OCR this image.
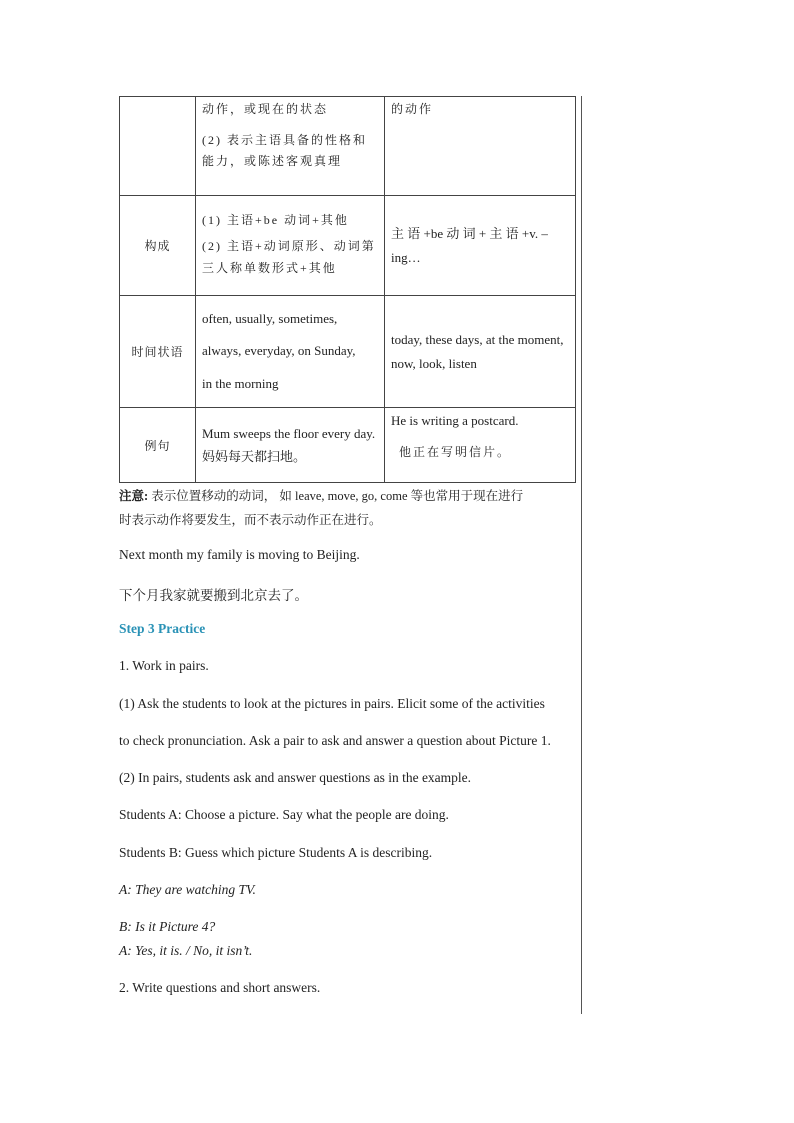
	动作，或现在的状态
(2) 表示主语具备的性格和能力，或陈述客观真理	的动作

构成	(1) 主语+be 动词+其他
(2) 主语+动词原形、动词第三人称单数形式+其他	主 语 +be 动 词 + 主 语 +v. –ing…

时间状语	often, usually, sometimes,
always, everyday, on Sunday,
in the morning	today, these days, at the moment, now, look, listen

例句	Mum sweeps the floor every day. 妈妈每天都扫地。	He is writing a postcard.
他正在写明信片。
注意: 表示位置移动的动词， 如 leave, move, go, come 等也常用于现在进行
时表示动作将要发生，而不表示动作正在进行。
Next month my family is moving to Beijing.
下个月我家就要搬到北京去了。
Step 3 Practice
1. Work in pairs.
(1) Ask the students to look at the pictures in pairs. Elicit some of the activities
to check pronunciation. Ask a pair to ask and answer a question about Picture 1.
(2) In pairs, students ask and answer questions as in the example.
Students A: Choose a picture. Say what the people are doing.
Students B: Guess which picture Students A is describing.
A: They are watching TV.
B: Is it Picture 4?
A: Yes, it is. / No, it isn’t.
2. Write questions and short answers.
